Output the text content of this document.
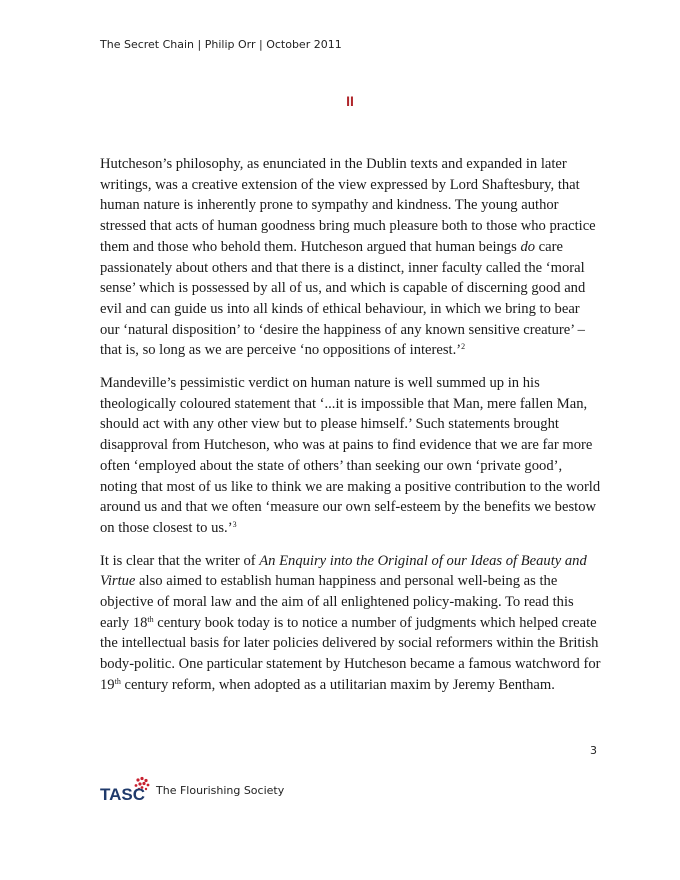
The Secret Chain | Philip Orr | October 2011
II

Hutcheson’s philosophy, as enunciated in the Dublin texts and expanded in later writings, was a creative extension of the view expressed by Lord Shaftesbury, that human nature is inherently prone to sympathy and kindness. The young author stressed that acts of human goodness bring much pleasure both to those who practice them and those who behold them. Hutcheson argued that human beings do care passionately about others and that there is a distinct, inner faculty called the ‘moral sense’ which is possessed by all of us, and which is capable of discerning good and evil and can guide us into all kinds of ethical behaviour, in which we bring to bear our ‘natural disposition’ to ‘desire the happiness of any known sensitive creature’ – that is, so long as we are perceive ‘no oppositions of interest.’$^2$

Mandeville’s pessimistic verdict on human nature is well summed up in his theologically coloured statement that ‘...it is impossible that Man, mere fallen Man, should act with any other view but to please himself.’ Such statements brought disapproval from Hutcheson, who was at pains to find evidence that we are far more often ‘employed about the state of others’ than seeking our own ‘private good’, noting that most of us like to think we are making a positive contribution to the world around us and that we often ‘measure our own self-esteem by the benefits we bestow on those closest to us.’$^3$

It is clear that the writer of An Enquiry into the Original of our Ideas of Beauty and Virtue also aimed to establish human happiness and personal well-being as the objective of moral law and the aim of all enlightened policy-making. To read this early 18th century book today is to notice a number of judgments which helped create the intellectual basis for later policies delivered by social reformers within the British body-politic. One particular statement by Hutcheson became a famous watchword for 19th century reform, when adopted as a utilitarian maxim by Jeremy Bentham.

3
TASC The Flourishing Society
